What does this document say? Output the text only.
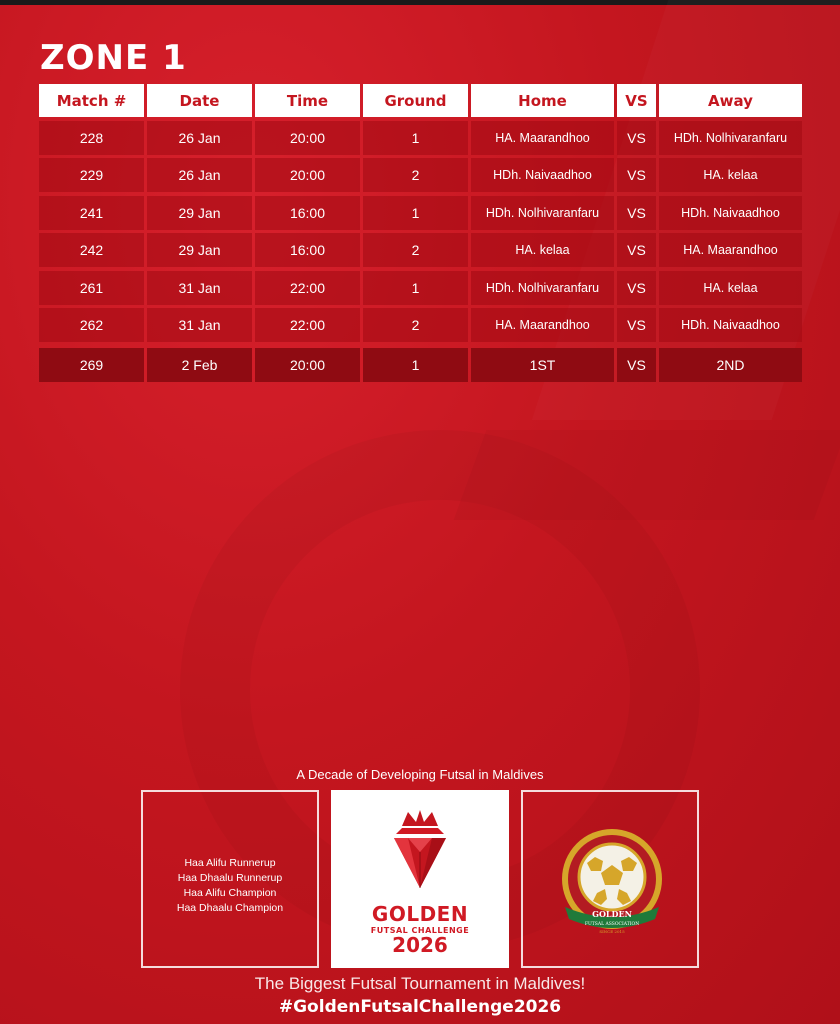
ZONE 1
Match #	Date	Time	Ground	Home	VS	Away
228	26 Jan	20:00	1	HA. Maarandhoo	VS	HDh. Nolhivaranfaru
229	26 Jan	20:00	2	HDh. Naivaadhoo	VS	HA. kelaa
241	29 Jan	16:00	1	HDh. Nolhivaranfaru	VS	HDh. Naivaadhoo
242	29 Jan	16:00	2	HA. kelaa	VS	HA. Maarandhoo
261	31 Jan	22:00	1	HDh. Nolhivaranfaru	VS	HA. kelaa
262	31 Jan	22:00	2	HA. Maarandhoo	VS	HDh. Naivaadhoo
269	2 Feb	20:00	1	1ST	VS	2ND
A Decade of Developing Futsal in Maldives
Haa Alifu Runnerup
Haa Dhaalu Runnerup
Haa Alifu Champion
Haa Dhaalu Champion	GOLDEN
FUTSAL CHALLENGE
2026
GOLDEN
FUTSAL ASSOCIATION
SINCE 2015
The Biggest Futsal Tournament in Maldives!
#GoldenFutsalChallenge2026
